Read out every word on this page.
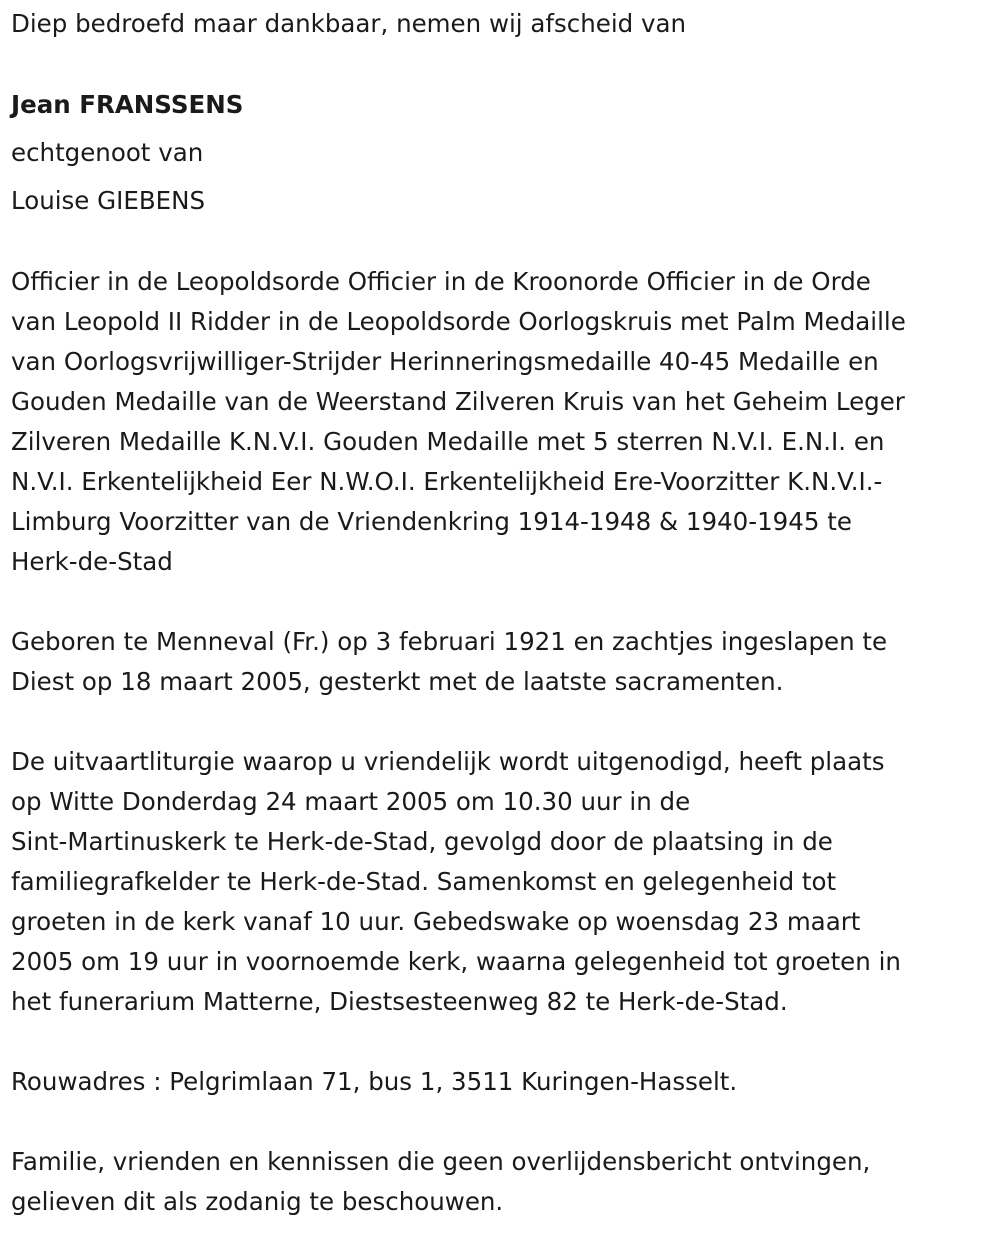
Diep bedroefd maar dankbaar, nemen wij afscheid van
Jean FRANSSENS
echtgenoot van
Louise GIEBENS
Officier in de Leopoldsorde Officier in de Kroonorde Officier in de Orde
van Leopold II Ridder in de Leopoldsorde Oorlogskruis met Palm Medaille
van Oorlogsvrijwilliger-Strijder Herinneringsmedaille 40-45 Medaille en
Gouden Medaille van de Weerstand Zilveren Kruis van het Geheim Leger
Zilveren Medaille K.N.V.I. Gouden Medaille met 5 sterren N.V.I. E.N.I. en
N.V.I. Erkentelijkheid Eer N.W.O.I. Erkentelijkheid Ere-Voorzitter K.N.V.I.-
Limburg Voorzitter van de Vriendenkring 1914-1948 & 1940-1945 te
Herk-de-Stad
Geboren te Menneval (Fr.) op 3 februari 1921 en zachtjes ingeslapen te
Diest op 18 maart 2005, gesterkt met de laatste sacramenten.
De uitvaartliturgie waarop u vriendelijk wordt uitgenodigd, heeft plaats
op Witte Donderdag 24 maart 2005 om 10.30 uur in de
Sint-Martinuskerk te Herk-de-Stad, gevolgd door de plaatsing in de
familiegrafkelder te Herk-de-Stad. Samenkomst en gelegenheid tot
groeten in de kerk vanaf 10 uur. Gebedswake op woensdag 23 maart
2005 om 19 uur in voornoemde kerk, waarna gelegenheid tot groeten in
het funerarium Matterne, Diestsesteenweg 82 te Herk-de-Stad.
Rouwadres : Pelgrimlaan 71, bus 1, 3511 Kuringen-Hasselt.
Familie, vrienden en kennissen die geen overlijdensbericht ontvingen,
gelieven dit als zodanig te beschouwen.
